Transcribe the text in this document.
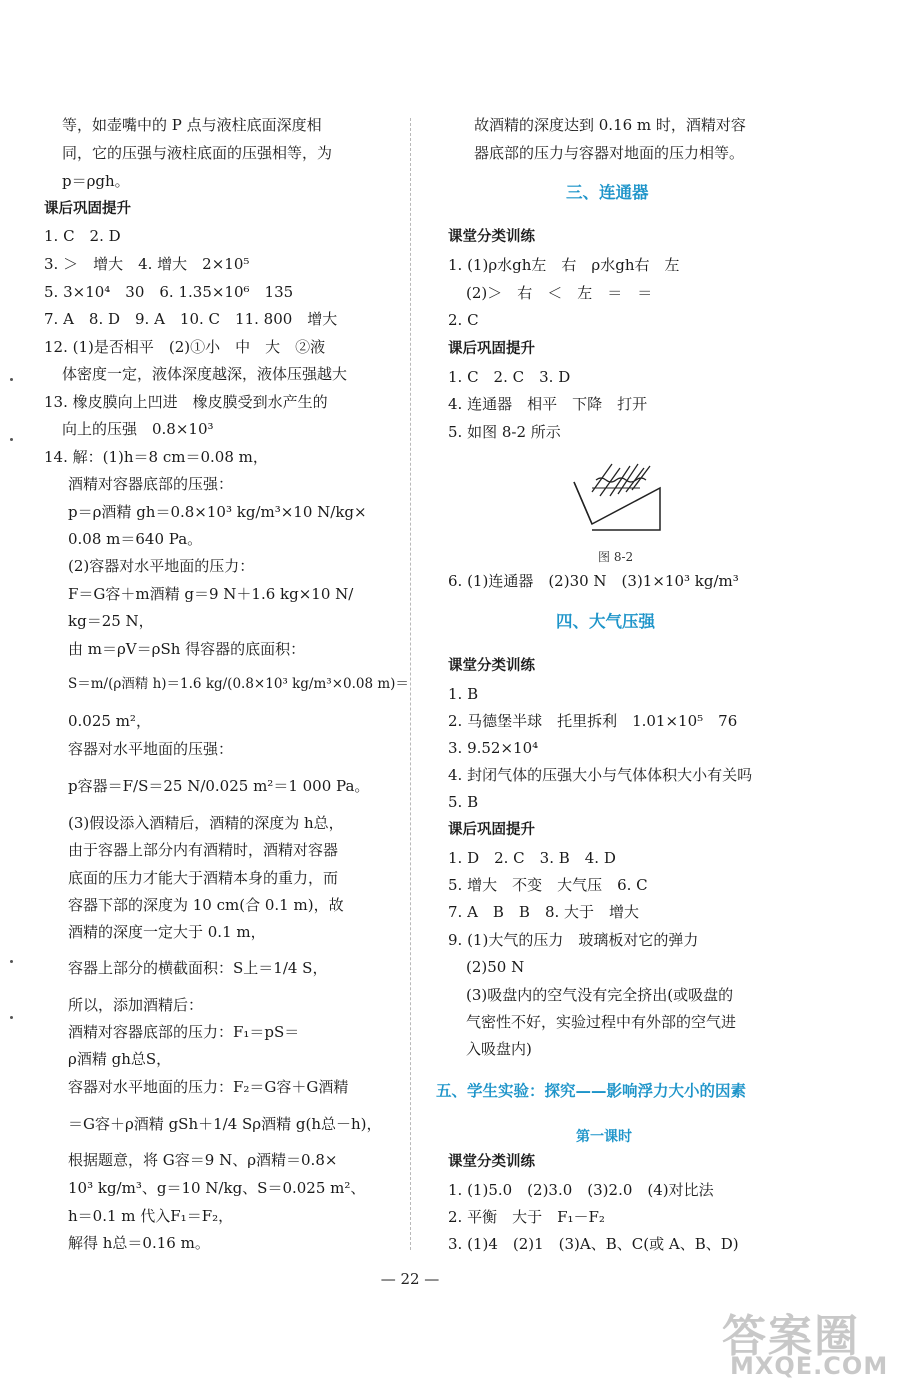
等，如壶嘴中的 P 点与液柱底面深度相
同，它的压强与液柱底面的压强相等，为
p＝ρgh。
课后巩固提升
1. C　2. D
3. ＞　增大　4. 增大　2×10⁵
5. 3×10⁴　30　6. 1.35×10⁶　135
7. A　8. D　9. A　10. C　11. 800　增大
12. (1)是否相平　(2)①小　中　大　②液
体密度一定，液体深度越深，液体压强越大
13. 橡皮膜向上凹进　橡皮膜受到水产生的
向上的压强　0.8×10³
14. 解：(1)h＝8 cm＝0.08 m，
酒精对容器底部的压强：
p＝ρ酒精 gh＝0.8×10³ kg/m³×10 N/kg×
0.08 m＝640 Pa。
(2)容器对水平地面的压力：
F＝G容＋m酒精 g＝9 N＋1.6 kg×10 N/
kg＝25 N，
由 m＝ρV＝ρSh 得容器的底面积：
S＝m/(ρ酒精 h)＝1.6 kg/(0.8×10³ kg/m³×0.08 m)＝
0.025 m²，
容器对水平地面的压强：
p容器＝F/S＝25 N/0.025 m²＝1 000 Pa。
(3)假设添入酒精后，酒精的深度为 h总，
由于容器上部分内有酒精时，酒精对容器
底面的压力才能大于酒精本身的重力，而
容器下部的深度为 10 cm(合 0.1 m)，故
酒精的深度一定大于 0.1 m，
容器上部分的横截面积：S上＝1/4 S，
所以，添加酒精后：
酒精对容器底部的压力：F₁＝pS＝
ρ酒精 gh总S，
容器对水平地面的压力：F₂＝G容＋G酒精
＝G容＋ρ酒精 gSh＋1/4 Sρ酒精 g(h总－h)，
根据题意，将 G容＝9 N、ρ酒精＝0.8×
10³ kg/m³、g＝10 N/kg、S＝0.025 m²、
h＝0.1 m 代入F₁＝F₂，
解得 h总＝0.16 m。
故酒精的深度达到 0.16 m 时，酒精对容
器底部的压力与容器对地面的压力相等。
三、连通器
课堂分类训练
1. (1)ρ水gh左　右　ρ水gh右　左
(2)＞　右　＜　左　＝　＝
2. C
课后巩固提升
1. C　2. C　3. D
4. 连通器　相平　下降　打开
5. 如图 8-2 所示
图 8-2
6. (1)连通器　(2)30 N　(3)1×10³ kg/m³
四、大气压强
课堂分类训练
1. B
2. 马德堡半球　托里拆利　1.01×10⁵　76
3. 9.52×10⁴
4. 封闭气体的压强大小与气体体积大小有关吗
5. B
课后巩固提升
1. D　2. C　3. B　4. D
5. 增大　不变　大气压　6. C
7. A　B　B　8. 大于　增大
9. (1)大气的压力　玻璃板对它的弹力
(2)50 N
(3)吸盘内的空气没有完全挤出(或吸盘的
气密性不好，实验过程中有外部的空气进
入吸盘内)
五、学生实验：探究——影响浮力大小的因素
第一课时
课堂分类训练
1. (1)5.0　(2)3.0　(3)2.0　(4)对比法
2. 平衡　大于　F₁－F₂
3. (1)4　(2)1　(3)A、B、C(或 A、B、D)
— 22 —
答案圈
MXQE.COM
